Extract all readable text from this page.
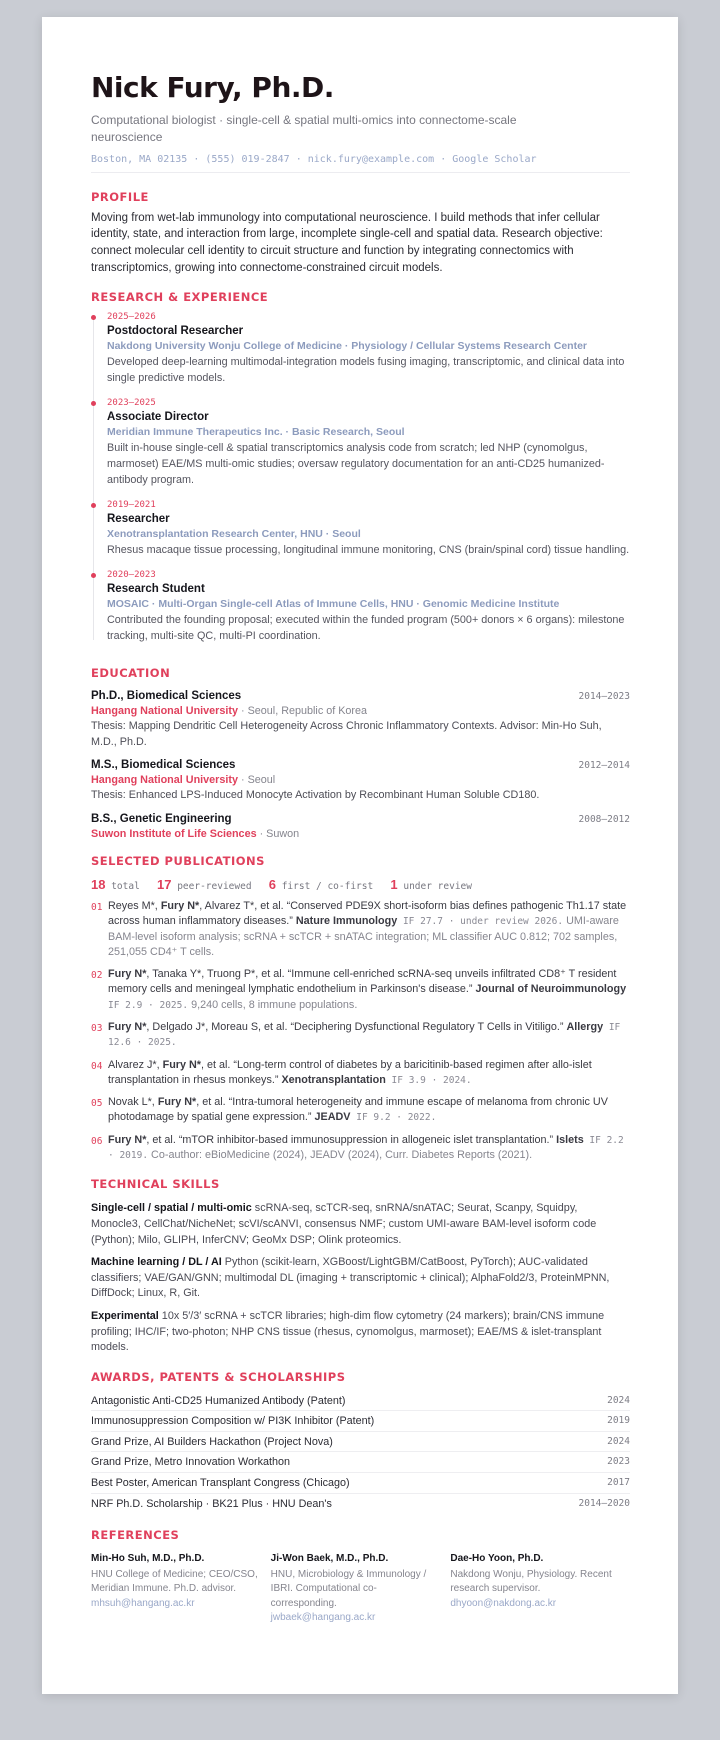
Nick Fury, Ph.D.
Computational biologist · single-cell & spatial multi-omics into connectome-scale neuroscience
Boston, MA 02135 · (555) 019-2847 · nick.fury@example.com · Google Scholar
PROFILE
Moving from wet-lab immunology into computational neuroscience. I build methods that infer cellular identity, state, and interaction from large, incomplete single-cell and spatial data. Research objective: connect molecular cell identity to circuit structure and function by integrating connectomics with transcriptomics, growing into connectome-constrained circuit models.
RESEARCH & EXPERIENCE
2025–2026
Postdoctoral Researcher
Nakdong University Wonju College of Medicine · Physiology / Cellular Systems Research Center
Developed deep-learning multimodal-integration models fusing imaging, transcriptomic, and clinical data into single predictive models.
2023–2025
Associate Director
Meridian Immune Therapeutics Inc. · Basic Research, Seoul
Built in-house single-cell & spatial transcriptomics analysis code from scratch; led NHP (cynomolgus, marmoset) EAE/MS multi-omic studies; oversaw regulatory documentation for an anti-CD25 humanized-antibody program.
2019–2021
Researcher
Xenotransplantation Research Center, HNU · Seoul
Rhesus macaque tissue processing, longitudinal immune monitoring, CNS (brain/spinal cord) tissue handling.
2020–2023
Research Student
MOSAIC · Multi-Organ Single-cell Atlas of Immune Cells, HNU · Genomic Medicine Institute
Contributed the founding proposal; executed within the funded program (500+ donors × 6 organs): milestone tracking, multi-site QC, multi-PI coordination.
EDUCATION
Ph.D., Biomedical Sciences	2014–2023
Hangang National University · Seoul, Republic of Korea
Thesis: Mapping Dendritic Cell Heterogeneity Across Chronic Inflammatory Contexts. Advisor: Min-Ho Suh, M.D., Ph.D.
M.S., Biomedical Sciences	2012–2014
Hangang National University · Seoul
Thesis: Enhanced LPS-Induced Monocyte Activation by Recombinant Human Soluble CD180.
B.S., Genetic Engineering	2008–2012
Suwon Institute of Life Sciences · Suwon
SELECTED PUBLICATIONS
18 total 17 peer-reviewed 6 first / co-first 1 under review
01 Reyes M*, Fury N*, Alvarez T*, et al. “Conserved PDE9X short-isoform bias defines pathogenic Th1.17 state across human inflammatory diseases.” Nature Immunology IF 27.7 · under review 2026. UMI-aware BAM-level isoform analysis; scRNA + scTCR + snATAC integration; ML classifier AUC 0.812; 702 samples, 251,055 CD4⁺ T cells.
02 Fury N*, Tanaka Y*, Truong P*, et al. “Immune cell-enriched scRNA-seq unveils infiltrated CD8⁺ T resident memory cells and meningeal lymphatic endothelium in Parkinson's disease.” Journal of Neuroimmunology IF 2.9 · 2025. 9,240 cells, 8 immune populations.
03 Fury N*, Delgado J*, Moreau S, et al. “Deciphering Dysfunctional Regulatory T Cells in Vitiligo.” Allergy IF 12.6 · 2025.
04 Alvarez J*, Fury N*, et al. “Long-term control of diabetes by a baricitinib-based regimen after allo-islet transplantation in rhesus monkeys.” Xenotransplantation IF 3.9 · 2024.
05 Novak L*, Fury N*, et al. “Intra-tumoral heterogeneity and immune escape of melanoma from chronic UV photodamage by spatial gene expression.” JEADV IF 9.2 · 2022.
06 Fury N*, et al. “mTOR inhibitor-based immunosuppression in allogeneic islet transplantation.” Islets IF 2.2 · 2019. Co-author: eBioMedicine (2024), JEADV (2024), Curr. Diabetes Reports (2021).
TECHNICAL SKILLS
Single-cell / spatial / multi-omic scRNA-seq, scTCR-seq, snRNA/snATAC; Seurat, Scanpy, Squidpy, Monocle3, CellChat/NicheNet; scVI/scANVI, consensus NMF; custom UMI-aware BAM-level isoform code (Python); Milo, GLIPH, InferCNV; GeoMx DSP; Olink proteomics.
Machine learning / DL / AI Python (scikit-learn, XGBoost/LightGBM/CatBoost, PyTorch); AUC-validated classifiers; VAE/GAN/GNN; multimodal DL (imaging + transcriptomic + clinical); AlphaFold2/3, ProteinMPNN, DiffDock; Linux, R, Git.
Experimental 10x 5′/3′ scRNA + scTCR libraries; high-dim flow cytometry (24 markers); brain/CNS immune profiling; IHC/IF; two-photon; NHP CNS tissue (rhesus, cynomolgus, marmoset); EAE/MS & islet-transplant models.
AWARDS, PATENTS & SCHOLARSHIPS
Antagonistic Anti-CD25 Humanized Antibody (Patent)	2024
Immunosuppression Composition w/ PI3K Inhibitor (Patent)	2019
Grand Prize, AI Builders Hackathon (Project Nova)	2024
Grand Prize, Metro Innovation Workathon	2023
Best Poster, American Transplant Congress (Chicago)	2017
NRF Ph.D. Scholarship · BK21 Plus · HNU Dean's	2014–2020
REFERENCES
Min-Ho Suh, M.D., Ph.D.
HNU College of Medicine; CEO/CSO, Meridian Immune. Ph.D. advisor.
mhsuh@hangang.ac.kr
Ji-Won Baek, M.D., Ph.D.
HNU, Microbiology & Immunology / IBRI. Computational co-corresponding.
jwbaek@hangang.ac.kr
Dae-Ho Yoon, Ph.D.
Nakdong Wonju, Physiology. Recent research supervisor.
dhyoon@nakdong.ac.kr
